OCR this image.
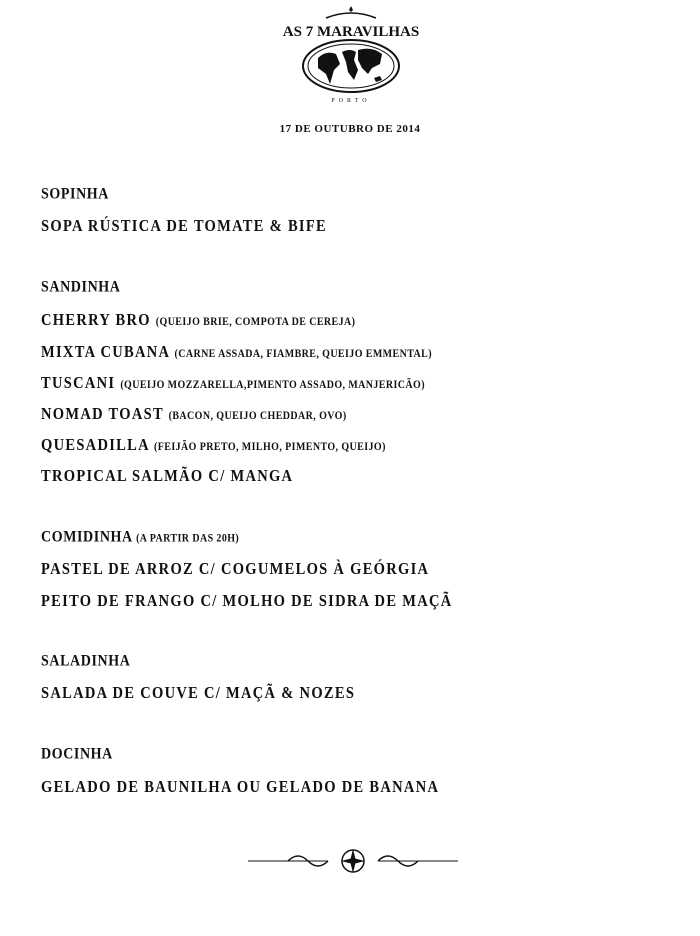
AS 7 MARAVILHAS
PORTO
17 DE OUTUBRO DE 2014
SOPINHA
SOPA RÚSTICA DE TOMATE & BIFE
SANDINHA
CHERRY BRO (QUEIJO BRIE, COMPOTA DE CEREJA)
MIXTA CUBANA (CARNE ASSADA, FIAMBRE, QUEIJO EMMENTAL)
TUSCANI (QUEIJO MOZZARELLA,PIMENTO ASSADO, MANJERICÃO)
NOMAD TOAST (BACON, QUEIJO CHEDDAR, OVO)
QUESADILLA (FEIJÃO PRETO, MILHO, PIMENTO, QUEIJO)
TROPICAL SALMÃO C/ MANGA
COMIDINHA (A PARTIR DAS 20H)
PASTEL DE ARROZ C/ COGUMELOS À GEÓRGIA
PEITO DE FRANGO C/ MOLHO DE SIDRA DE MAÇÃ
SALADINHA
SALADA DE COUVE C/ MAÇÃ & NOZES
DOCINHA
GELADO DE BAUNILHA OU GELADO DE BANANA
